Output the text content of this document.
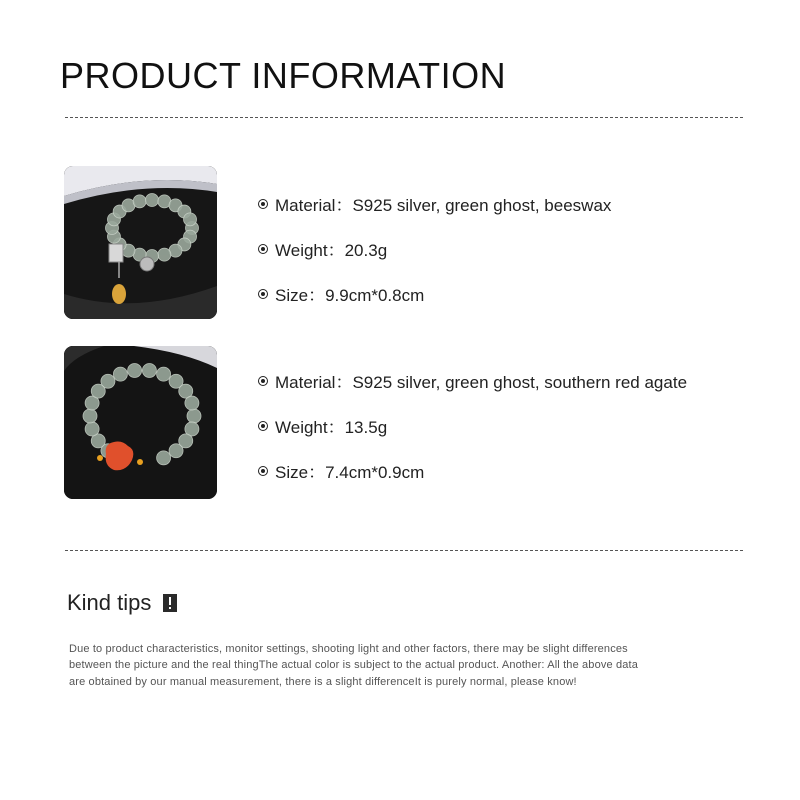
PRODUCT INFORMATION
Material：S925 silver, green ghost, beeswax
Weight：20.3g
Size：9.9cm*0.8cm
Material：S925 silver, green ghost, southern red agate
Weight：13.5g
Size：7.4cm*0.9cm
Kind tips
Due to product characteristics, monitor settings, shooting light and other factors, there may be slight differences between the picture and the real thingThe actual color is subject to the actual product. Another: All the above data are obtained by our manual measurement, there is a slight differenceIt is purely normal, please know!
